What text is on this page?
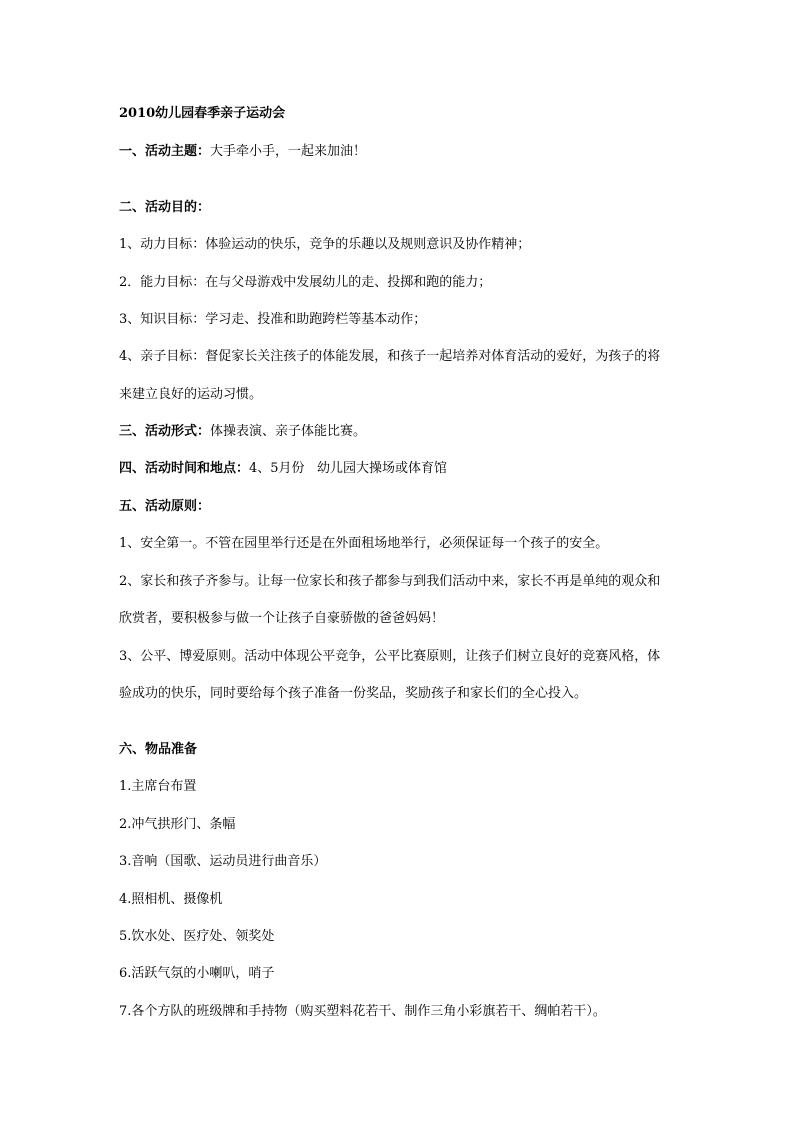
2010幼儿园春季亲子运动会
一、活动主题：大手牵小手，一起来加油！
二、活动目的：
1、动力目标：体验运动的快乐，竞争的乐趣以及规则意识及协作精神；
2．能力目标：在与父母游戏中发展幼儿的走、投掷和跑的能力；
3、知识目标：学习走、投准和助跑跨栏等基本动作；
4、亲子目标：督促家长关注孩子的体能发展，和孩子一起培养对体育活动的爱好，为孩子的将
来建立良好的运动习惯。
三、活动形式：体操表演、亲子体能比赛。
四、活动时间和地点：4、5月份   幼儿园大操场或体育馆
五、活动原则：
1、安全第一。不管在园里举行还是在外面租场地举行，必须保证每一个孩子的安全。
2、家长和孩子齐参与。让每一位家长和孩子都参与到我们活动中来，家长不再是单纯的观众和
欣赏者，要积极参与做一个让孩子自豪骄傲的爸爸妈妈！
3、公平、博爱原则。活动中体现公平竞争，公平比赛原则，让孩子们树立良好的竞赛风格，体
验成功的快乐，同时要给每个孩子准备一份奖品，奖励孩子和家长们的全心投入。
六、物品准备
1.主席台布置
2.冲气拱形门、条幅
3.音响（国歌、运动员进行曲音乐）
4.照相机、摄像机
5.饮水处、医疗处、领奖处
6.活跃气氛的小喇叭，哨子
7.各个方队的班级牌和手持物（购买塑料花若干、制作三角小彩旗若干、绸帕若干）。
